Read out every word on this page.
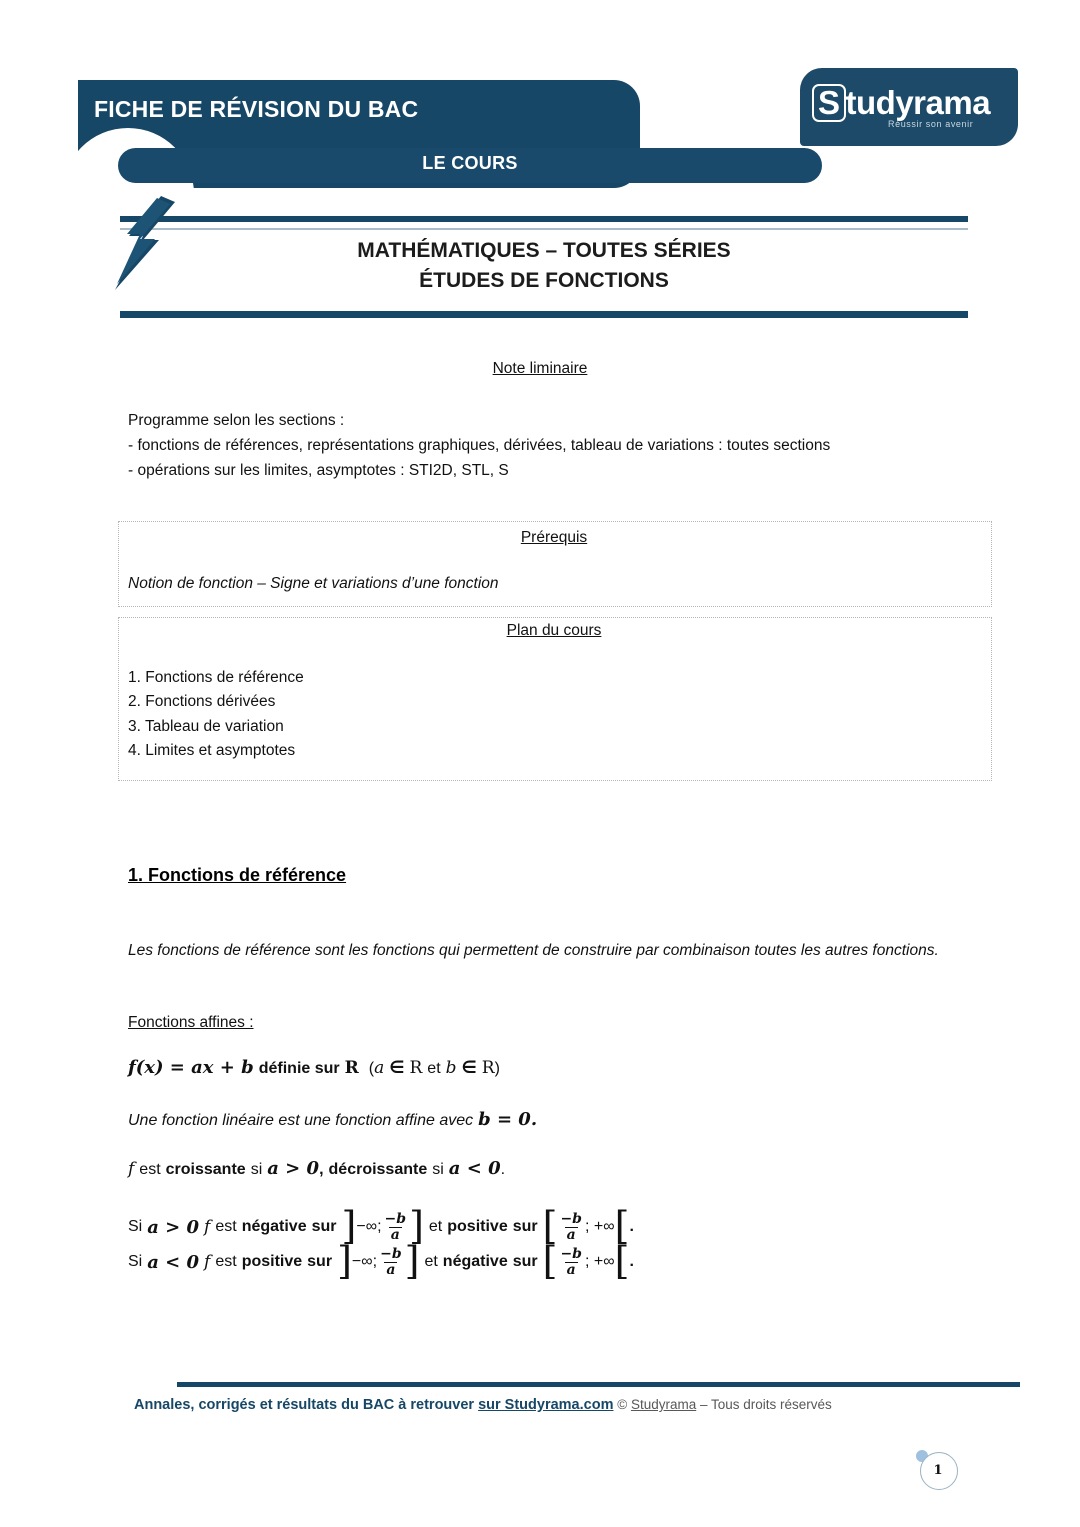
FICHE DE RÉVISION DU BAC
LE COURS
S tudyrama
Réussir son avenir
MATHÉMATIQUES – TOUTES SÉRIES
ÉTUDES DE FONCTIONS
Note liminaire
Programme selon les sections :
- fonctions de références, représentations graphiques, dérivées, tableau de variations : toutes sections
- opérations sur les limites, asymptotes : STI2D, STL, S
Prérequis
Notion de fonction – Signe et variations d’une fonction
Plan du cours
1. Fonctions de référence
2. Fonctions dérivées
3. Tableau de variation
4. Limites et asymptotes
1. Fonctions de référence
Les fonctions de référence sont les fonctions qui permettent de construire par combinaison toutes les autres fonctions.
Fonctions affines :
f(x) = ax + b définie sur R (a ∈ R et b ∈ R)
Une fonction linéaire est une fonction affine avec b = 0.
f est croissante si a > 0, décroissante si a < 0.
Si a > 0 f est négative sur ] −∞; $\frac{-b}{a}$ ] et positive sur [ $\frac{-b}{a}$ ; +∞ [ .
Si a < 0 f est positive sur ] −∞; $\frac{-b}{a}$ ] et négative sur [ $\frac{-b}{a}$ ; +∞ [ .
Annales, corrigés et résultats du BAC à retrouver sur Studyrama.com © Studyrama – Tous droits réservés
1
